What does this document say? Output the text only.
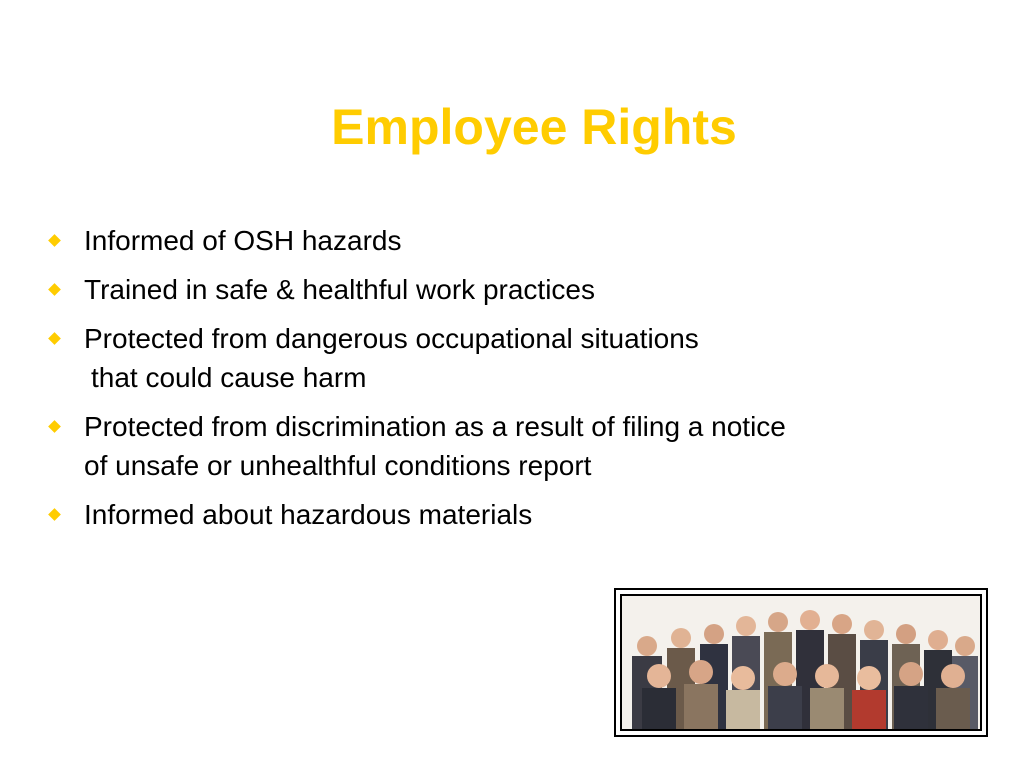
Employee Rights
Informed of OSH hazards
Trained in safe & healthful work practices
Protected from dangerous occupational situations
that could cause harm
Protected from discrimination as a result of filing a notice
of unsafe or unhealthful conditions report
Informed about hazardous materials
